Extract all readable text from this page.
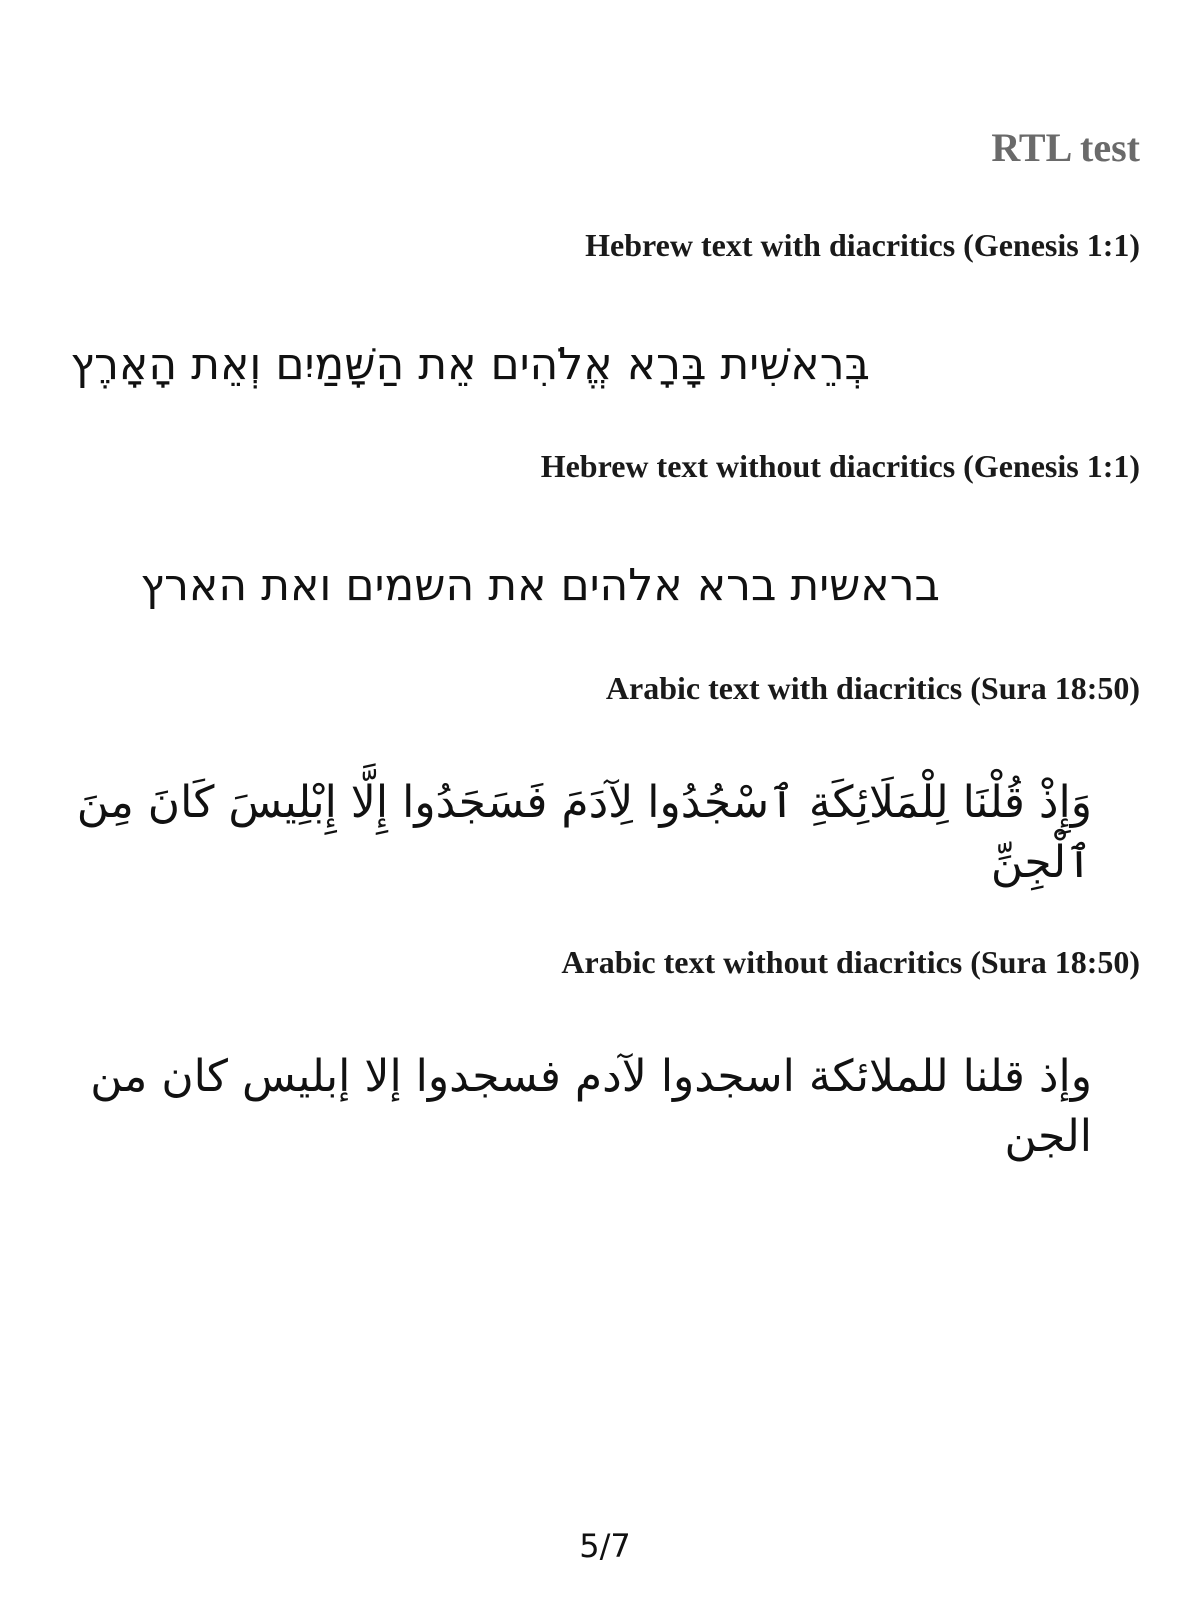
RTL test
Hebrew text with diacritics (Genesis 1:1)

בְּרֵאשִׁית בָּרָא אֱלֹהִים אֵת הַשָּׁמַיִם וְאֵת הָאָרֶץ

Hebrew text without diacritics (Genesis 1:1)

בראשית ברא אלהים את השמים ואת הארץ

Arabic text with diacritics (Sura 18:50)

وَإِذْ قُلْنَا لِلْمَلَائِكَةِ ٱسْجُدُوا لِآدَمَ فَسَجَدُوا إِلَّا إِبْلِيسَ كَانَ مِنَ ٱلْجِنِّ

Arabic text without diacritics (Sura 18:50)

وإذ قلنا للملائكة اسجدوا لآدم فسجدوا إلا إبليس كان من الجن

5/7
